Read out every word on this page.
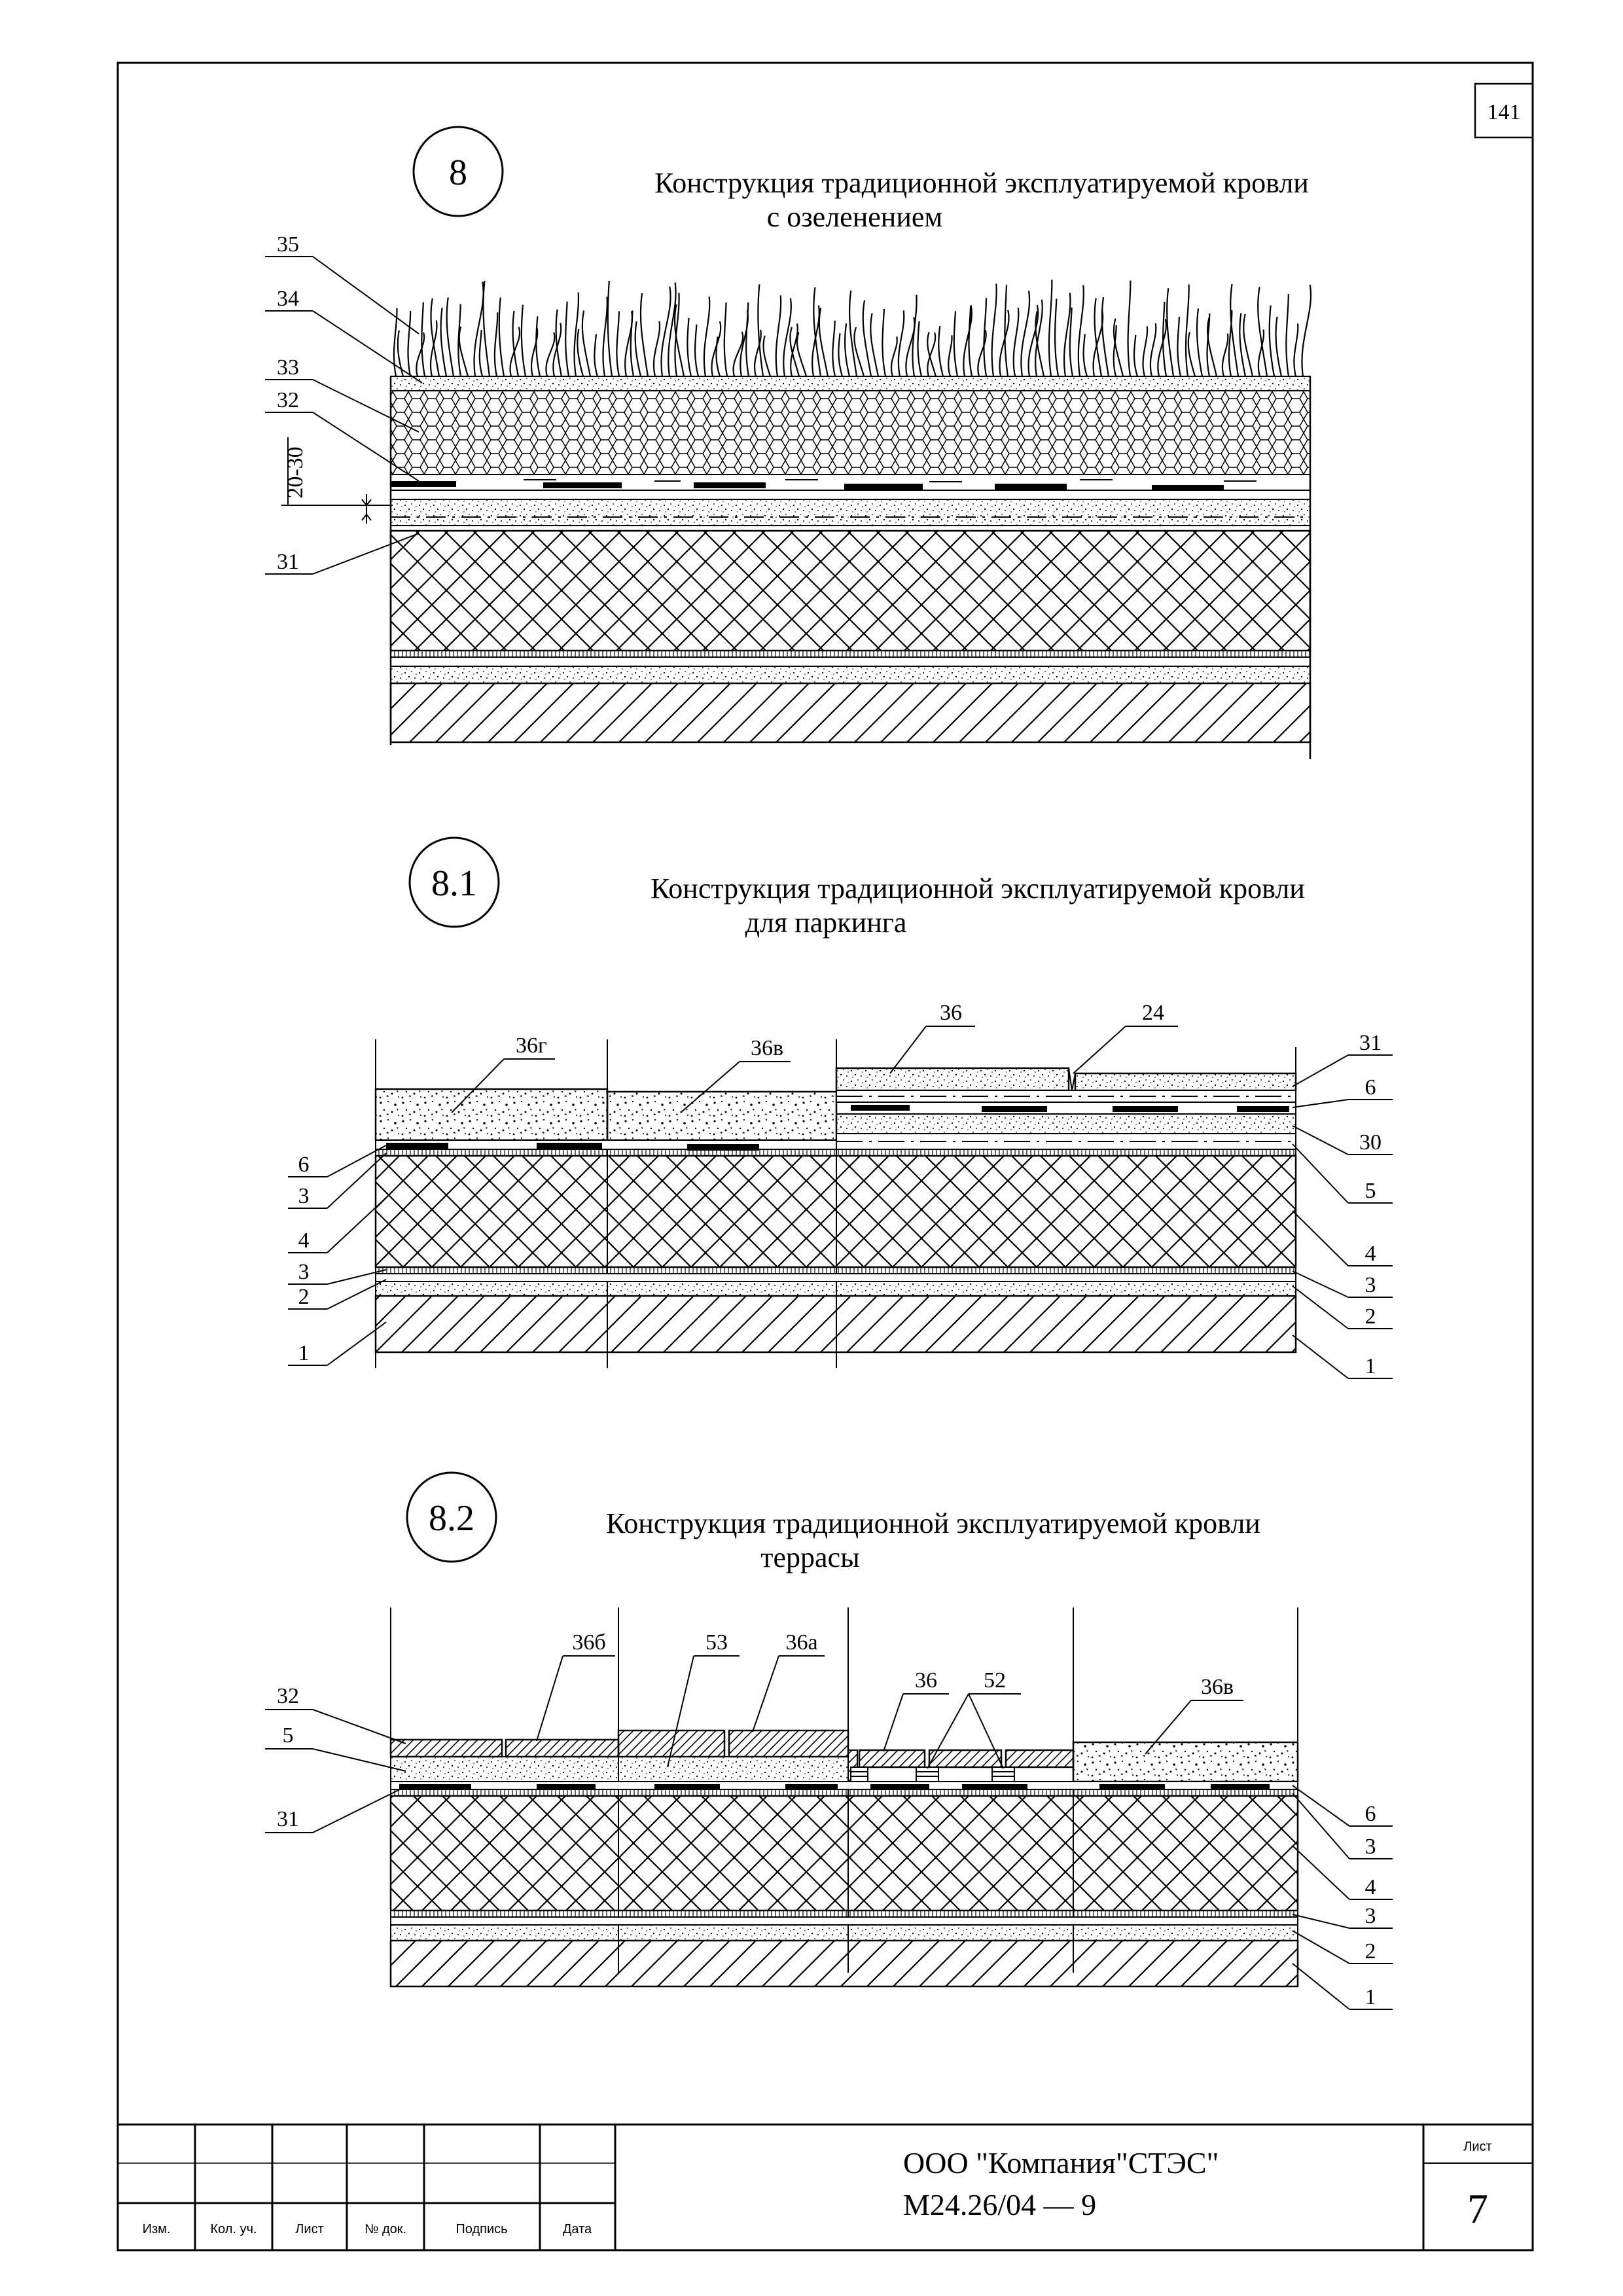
141
8	Конструкция традиционной эксплуатируемой кровли
с озеленением
35
34
33
32
31
20-30
8.1	Конструкция традиционной эксплуатируемой кровли
для паркинга
36г	36в
36	24
6
3
4
3
2
1
31
6
30
5
4
3
2
1
8.2	Конструкция традиционной эксплуатируемой кровли
террасы
36б	53	36а
36 52	36в
32
5
31	6
3
4
3
2
1
Изм.	Кол. уч.	Лист	№ док.	Подпись	Дата
ООО "Компания"СТЭС"
М24.26/04 — 9
Лист
7
